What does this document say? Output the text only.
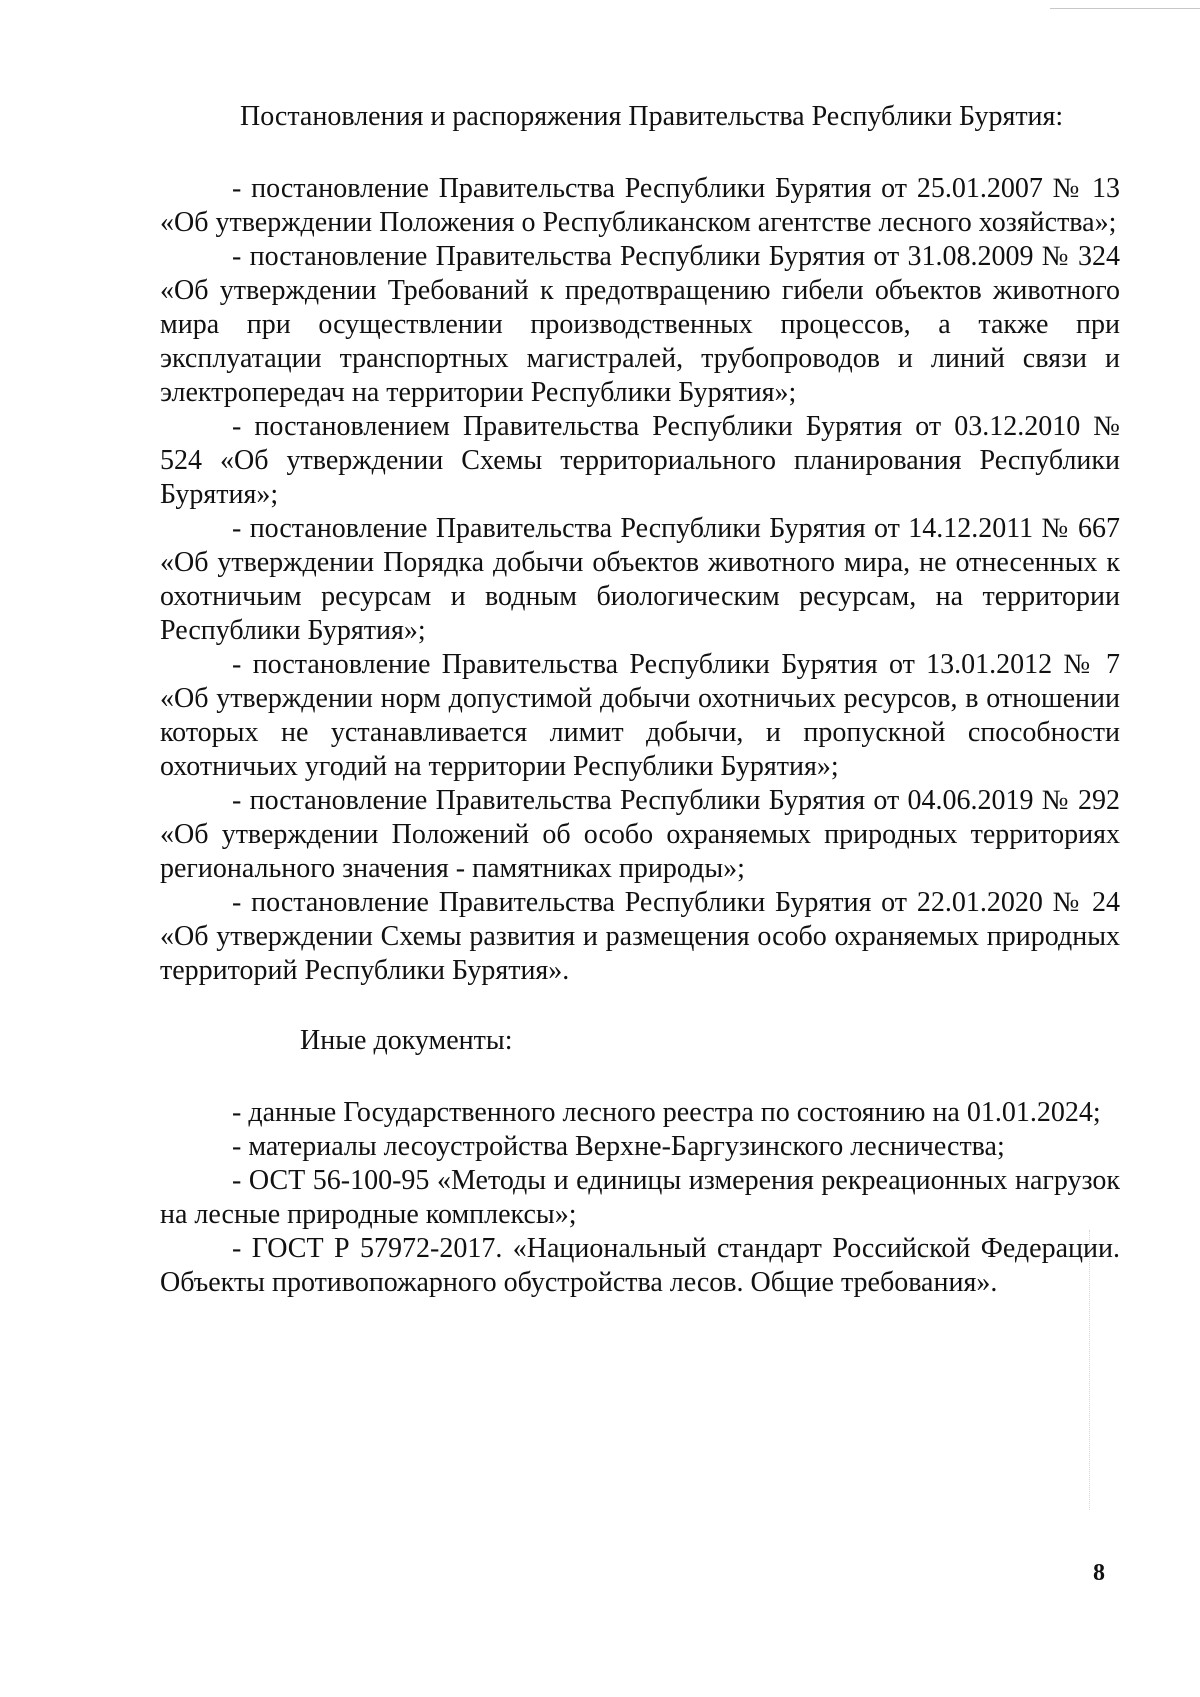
Постановления и распоряжения Правительства Республики Бурятия:

- постановление Правительства Республики Бурятия от 25.01.2007 № 13 «Об утверждении Положения о Республиканском агентстве лесного хозяйства»;

- постановление Правительства Республики Бурятия от 31.08.2009 № 324 «Об утверждении Требований к предотвращению гибели объектов животного мира при осуществлении производственных процессов, а также при эксплуатации транспортных магистралей, трубопроводов и линий связи и электропередач на территории Республики Бурятия»;

- постановлением Правительства Республики Бурятия от 03.12.2010 № 524 «Об утверждении Схемы территориального планирования Республики Бурятия»;

- постановление Правительства Республики Бурятия от 14.12.2011 № 667 «Об утверждении Порядка добычи объектов животного мира, не отнесенных к охотничьим ресурсам и водным биологическим ресурсам, на территории Республики Бурятия»;

- постановление Правительства Республики Бурятия от 13.01.2012 № 7 «Об утверждении норм допустимой добычи охотничьих ресурсов, в отношении которых не устанавливается лимит добычи, и пропускной способности охотничьих угодий на территории Республики Бурятия»;

- постановление Правительства Республики Бурятия от 04.06.2019 № 292 «Об утверждении Положений об особо охраняемых природных территориях регионального значения - памятниках природы»;

- постановление Правительства Республики Бурятия от 22.01.2020 № 24 «Об утверждении Схемы развития и размещения особо охраняемых природных территорий Республики Бурятия».

Иные документы:

- данные Государственного лесного реестра по состоянию на 01.01.2024;

- материалы лесоустройства Верхне-Баргузинского лесничества;

- ОСТ 56-100-95 «Методы и единицы измерения рекреационных нагрузок на лесные природные комплексы»;

- ГОСТ Р 57972-2017. «Национальный стандарт Российской Федерации. Объекты противопожарного обустройства лесов. Общие требования».

8
